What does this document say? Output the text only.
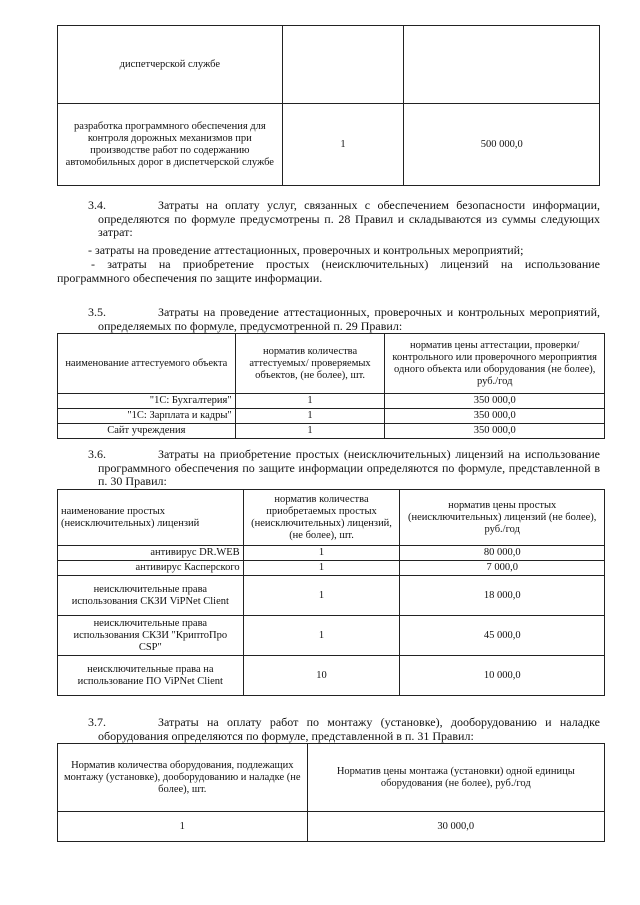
диспетчерской службе		
разработка программного обеспечения для контроля дорожных механизмов при производстве работ по содержанию автомобильных дорог в диспетчерской службе	1	500 000,0
3.4.	Затраты на оплату услуг, связанных с обеспечением безопасности информации, определяются по формуле предусмотрены п. 28 Правил и складываются из суммы следующих затрат:
- затраты на проведение аттестационных, проверочных и контрольных мероприятий;
- затраты на приобретение простых (неисключительных) лицензий на использование программного обеспечения по защите информации.
3.5.	Затраты на проведение аттестационных, проверочных и контрольных мероприятий, определяемых по формуле, предусмотренной п. 29 Правил:
наименование аттестуемого объекта	норматив количества аттестуемых/ проверяемых объектов, (не более), шт.	норматив цены аттестации, проверки/ контрольного или проверочного мероприятия одного объекта или оборудования (не более), руб./год
"1С: Бухгалтерия"	1	350 000,0
"1С: Зарплата и кадры"	1	350 000,0
Сайт учреждения	1	350 000,0
3.6.	Затраты на приобретение простых (неисключительных) лицензий на использование программного обеспечения по защите информации определяются по формуле, представленной в п. 30 Правил:
наименование простых (неисключительных) лицензий	норматив количества приобретаемых простых (неисключительных) лицензий, (не более), шт.	норматив цены простых (неисключительных) лицензий (не более), руб./год
антивирус DR.WEB	1	80 000,0
антивирус Касперского	1	7 000,0
неисключительные права использования СКЗИ ViPNet Client	1	18 000,0
неисключительные права использования СКЗИ "КриптоПро CSP"	1	45 000,0
неисключительные права на использование ПО ViPNet Client	10	10 000,0
3.7.	Затраты на оплату работ по монтажу (установке), дооборудованию и наладке оборудования определяются по формуле, представленной в п. 31 Правил:
Норматив количества оборудования, подлежащих монтажу (установке), дооборудованию и наладке (не более), шт.	Норматив цены монтажа (установки) одной единицы оборудования (не более), руб./год
1	30 000,0
